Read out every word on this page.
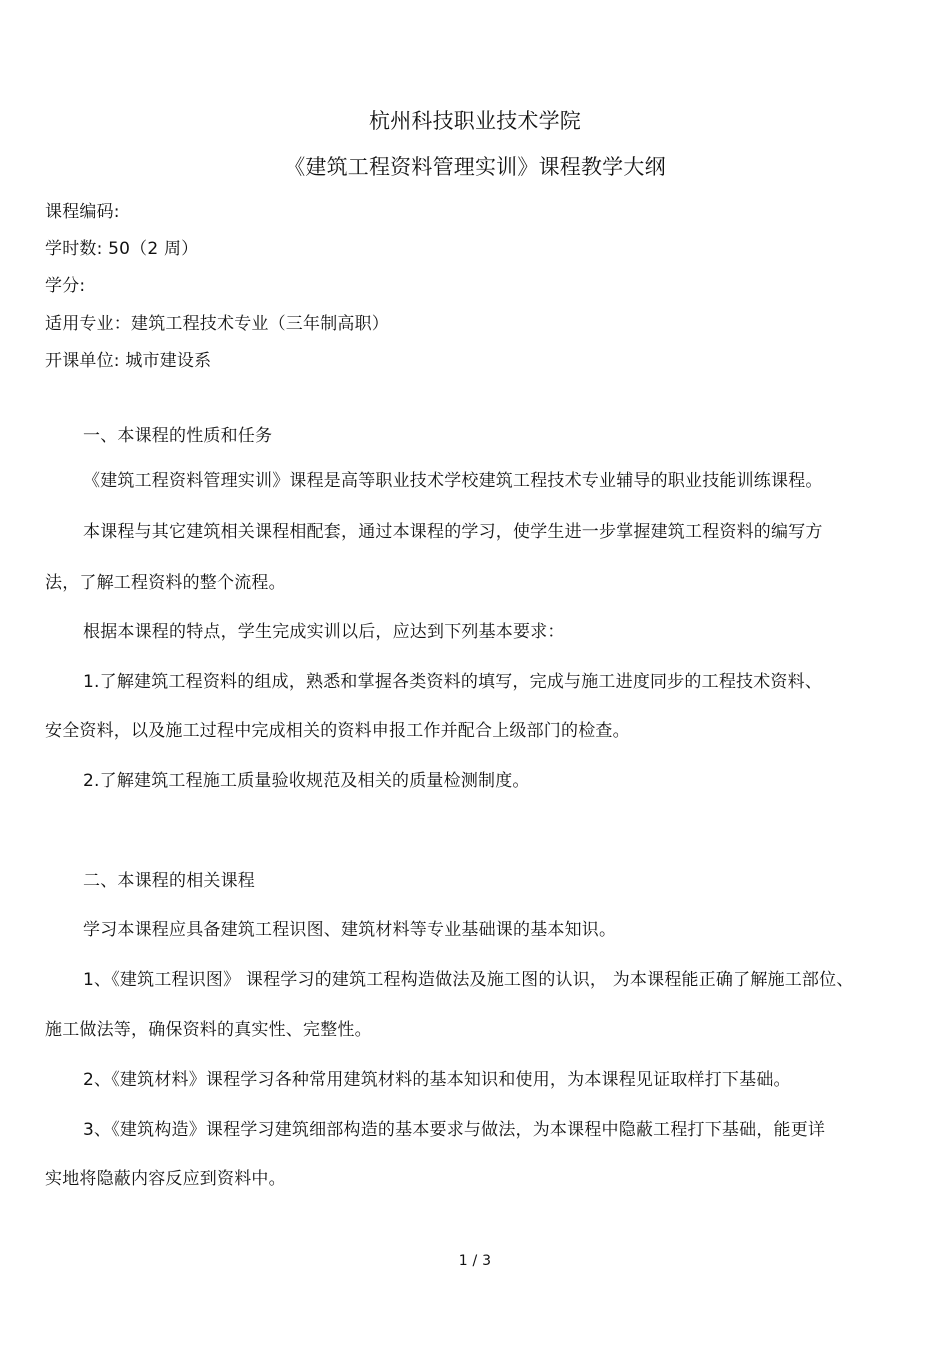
杭州科技职业技术学院
《建筑工程资料管理实训》课程教学大纲
课程编码:
学时数: 50（2 周）
学分:
适用专业：建筑工程技术专业（三年制高职）
开课单位: 城市建设系
一、本课程的性质和任务
《建筑工程资料管理实训》课程是高等职业技术学校建筑工程技术专业辅导的职业技能训练课程。
本课程与其它建筑相关课程相配套，通过本课程的学习，使学生进一步掌握建筑工程资料的编写方
法，了解工程资料的整个流程。
根据本课程的特点，学生完成实训以后，应达到下列基本要求：
1.了解建筑工程资料的组成，熟悉和掌握各类资料的填写，完成与施工进度同步的工程技术资料、
安全资料，以及施工过程中完成相关的资料申报工作并配合上级部门的检查。
2.了解建筑工程施工质量验收规范及相关的质量检测制度。
二、本课程的相关课程
学习本课程应具备建筑工程识图、建筑材料等专业基础课的基本知识。
1、《建筑工程识图》 课程学习的建筑工程构造做法及施工图的认识， 为本课程能正确了解施工部位、
施工做法等，确保资料的真实性、完整性。
2、《建筑材料》课程学习各种常用建筑材料的基本知识和使用，为本课程见证取样打下基础。
3、《建筑构造》课程学习建筑细部构造的基本要求与做法，为本课程中隐蔽工程打下基础，能更详
实地将隐蔽内容反应到资料中。
1 / 3
